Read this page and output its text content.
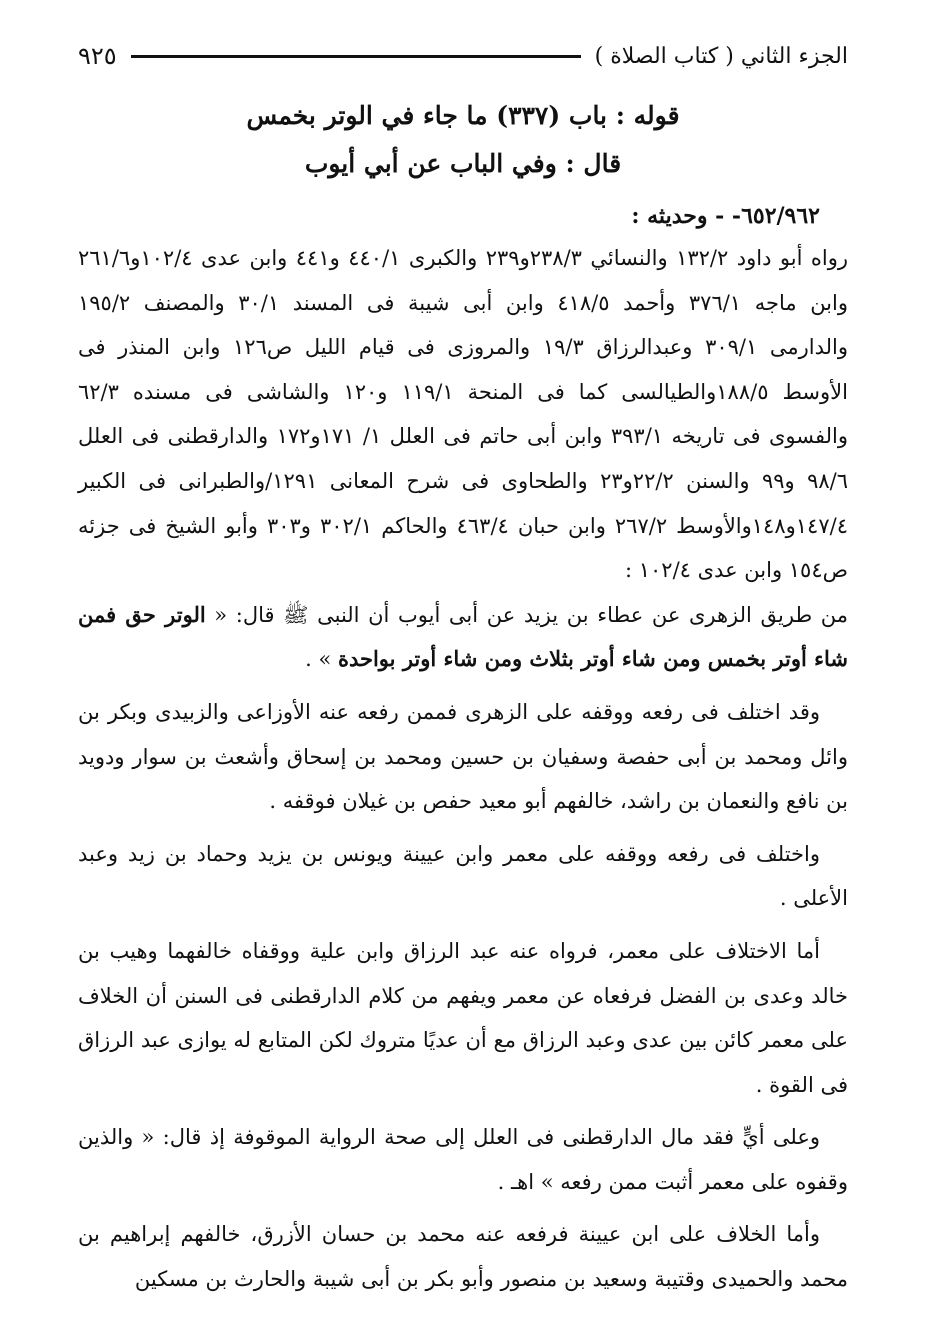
الجزء الثاني ( كتاب الصلاة )
٩٢٥
قوله : باب (٣٣٧) ما جاء في الوتر بخمس
قال : وفي الباب عن أبي أيوب
٦٥٢/٩٦٢- - وحديثه :

رواه أبو داود ١٣٢/٢ والنسائي ٢٣٨/٣و٢٣٩ والكبرى ٤٤٠/١ و٤٤١ وابن عدى ١٠٢/٤و٢٦١/٦ وابن ماجه ٣٧٦/١ وأحمد ٤١٨/٥ وابن أبى شيبة فى المسند ٣٠/١ والمصنف ١٩٥/٢ والدارمى ٣٠٩/١ وعبدالرزاق ١٩/٣ والمروزى فى قيام الليل ص١٢٦ وابن المنذر فى الأوسط ١٨٨/٥والطيالسى كما فى المنحة ١١٩/١ و١٢٠ والشاشى فى مسنده ٦٢/٣ والفسوى فى تاريخه ٣٩٣/١ وابن أبى حاتم فى العلل ١/ ١٧١و١٧٢ والدارقطنى فى العلل ٩٨/٦ و٩٩ والسنن ٢٢/٢و٢٣ والطحاوى فى شرح المعانى ١٢٩١/والطبرانى فى الكبير ١٤٧/٤و١٤٨والأوسط ٢٦٧/٢ وابن حبان ٤٦٣/٤ والحاكم ٣٠٢/١ و٣٠٣ وأبو الشيخ فى جزئه ص١٥٤ وابن عدى ١٠٢/٤ :

من طريق الزهرى عن عطاء بن يزيد عن أبى أيوب أن النبى ﷺ قال: « الوتر حق فمن شاء أوتر بخمس ومن شاء أوتر بثلاث ومن شاء أوتر بواحدة » .

وقد اختلف فى رفعه ووقفه على الزهرى فممن رفعه عنه الأوزاعى والزبيدى وبكر بن وائل ومحمد بن أبى حفصة وسفيان بن حسين ومحمد بن إسحاق وأشعث بن سوار ودويد بن نافع والنعمان بن راشد، خالفهم أبو معيد حفص بن غيلان فوقفه .

واختلف فى رفعه ووقفه على معمر وابن عيينة ويونس بن يزيد وحماد بن زيد وعبد الأعلى .

أما الاختلاف على معمر، فرواه عنه عبد الرزاق وابن علية ووقفاه خالفهما وهيب بن خالد وعدى بن الفضل فرفعاه عن معمر ويفهم من كلام الدارقطنى فى السنن أن الخلاف على معمر كائن بين عدى وعبد الرزاق مع أن عديًا متروك لكن المتابع له يوازى عبد الرزاق فى القوة .

وعلى أيٍّ فقد مال الدارقطنى فى العلل إلى صحة الرواية الموقوفة إذ قال: « والذين وقفوه على معمر أثبت ممن رفعه » اهـ .

وأما الخلاف على ابن عيينة فرفعه عنه محمد بن حسان الأزرق، خالفهم إبراهيم بن محمد والحميدى وقتيبة وسعيد بن منصور وأبو بكر بن أبى شيبة والحارث بن مسكين
